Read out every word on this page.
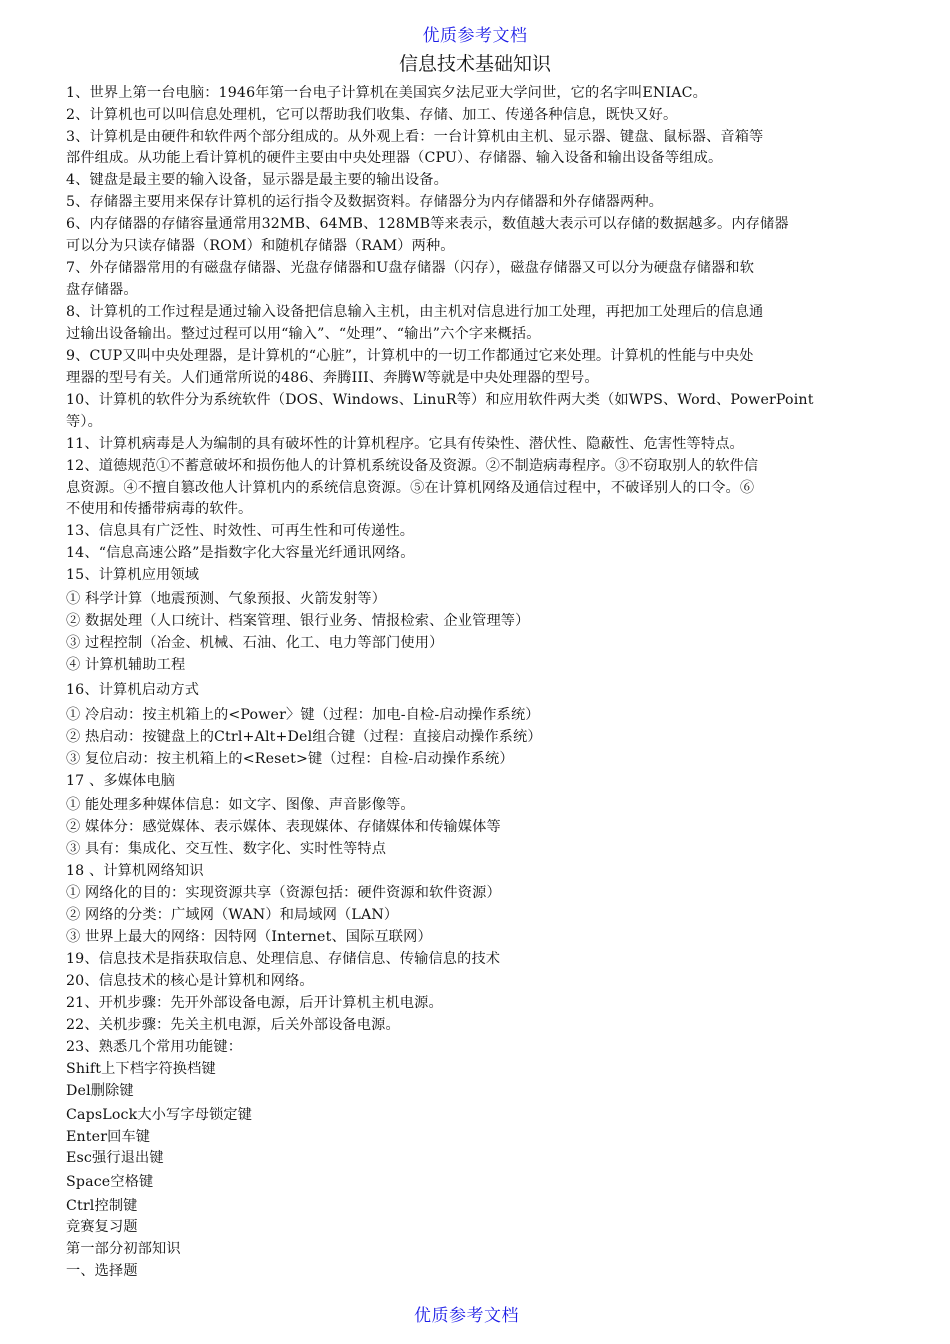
优质参考文档
信息技术基础知识
1、世界上第一台电脑：1946年第一台电子计算机在美国宾夕法尼亚大学问世，它的名字叫ENIAC。
2、计算机也可以叫信息处理机，它可以帮助我们收集、存储、加工、传递各种信息，既快又好。
3、计算机是由硬件和软件两个部分组成的。从外观上看：一台计算机由主机、显示器、键盘、鼠标器、音箱等
部件组成。从功能上看计算机的硬件主要由中央处理器（CPU）、存储器、输入设备和输出设备等组成。
4、键盘是最主要的输入设备，显示器是最主要的输出设备。
5、存储器主要用来保存计算机的运行指令及数据资料。存储器分为内存储器和外存储器两种。
6、内存储器的存储容量通常用32MB、64MB、128MB等来表示，数值越大表示可以存储的数据越多。内存储器
可以分为只读存储器（ROM）和随机存储器（RAM）两种。
7、外存储器常用的有磁盘存储器、光盘存储器和U盘存储器（闪存），磁盘存储器又可以分为硬盘存储器和软
盘存储器。
8、计算机的工作过程是通过输入设备把信息输入主机，由主机对信息进行加工处理，再把加工处理后的信息通
过输出设备输出。整过过程可以用“输入”、“处理”、“输出”六个字来概括。
9、CUP又叫中央处理器，是计算机的“心脏”，计算机中的一切工作都通过它来处理。计算机的性能与中央处
理器的型号有关。人们通常所说的486、奔腾III、奔腾W等就是中央处理器的型号。
10、计算机的软件分为系统软件（DOS、Windows、LinuR等）和应用软件两大类（如WPS、Word、PowerPoint
等）。
11、计算机病毒是人为编制的具有破坏性的计算机程序。它具有传染性、潜伏性、隐蔽性、危害性等特点。
12、道德规范①不蓄意破坏和损伤他人的计算机系统设备及资源。②不制造病毒程序。③不窃取别人的软件信
息资源。④不擅自篡改他人计算机内的系统信息资源。⑤在计算机网络及通信过程中，不破译别人的口令。⑥
不使用和传播带病毒的软件。
13、信息具有广泛性、时效性、可再生性和可传递性。
14、“信息高速公路”是指数字化大容量光纤通讯网络。
15、计算机应用领域
① 科学计算（地震预测、气象预报、火箭发射等）
② 数据处理（人口统计、档案管理、银行业务、情报检索、企业管理等）
③ 过程控制（冶金、机械、石油、化工、电力等部门使用）
④ 计算机辅助工程
16、计算机启动方式
① 冷启动：按主机箱上的<Power〉键（过程：加电-自检-启动操作系统）
② 热启动：按键盘上的Ctrl+Alt+Del组合键（过程：直接启动操作系统）
③ 复位启动：按主机箱上的<Reset>键（过程：自检-启动操作系统）
17 、多媒体电脑
① 能处理多种媒体信息：如文字、图像、声音影像等。
② 媒体分：感觉媒体、表示媒体、表现媒体、存储媒体和传输媒体等
③ 具有：集成化、交互性、数字化、实时性等特点
18 、计算机网络知识
① 网络化的目的：实现资源共享（资源包括：硬件资源和软件资源）
② 网络的分类：广域网（WAN）和局域网（LAN）
③ 世界上最大的网络：因特网（Internet、国际互联网）
19、信息技术是指获取信息、处理信息、存储信息、传输信息的技术
20、信息技术的核心是计算机和网络。
21、开机步骤：先开外部设备电源，后开计算机主机电源。
22、关机步骤：先关主机电源，后关外部设备电源。
23、熟悉几个常用功能键：
Shift上下档字符换档键
Del删除键
CapsLock大小写字母锁定键
Enter回车键
Esc强行退出键
Space空格键
Ctrl控制键
竞赛复习题
第一部分初部知识
一、选择题
优质参考文档
